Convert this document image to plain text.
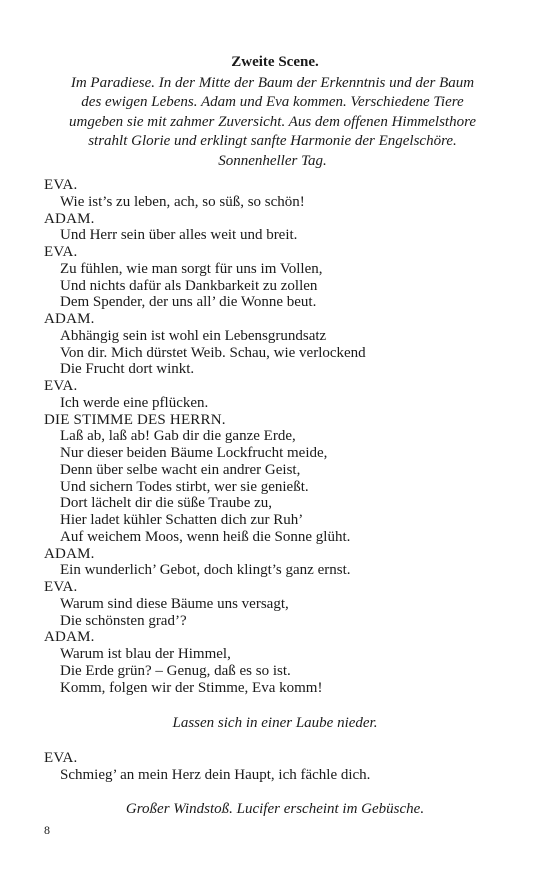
Zweite Scene.
Im Paradiese. In der Mitte der Baum der Erkenntnis und der Baum
des ewigen Lebens. Adam und Eva kommen. Verschiedene Tiere
umgeben sie mit zahmer Zuversicht. Aus dem offenen Himmelsthore
strahlt Glorie und erklingt sanfte Harmonie der Engelschöre.
Sonnenheller Tag.
EVA.
Wie ist’s zu leben, ach, so süß, so schön!
ADAM.
Und Herr sein über alles weit und breit.
EVA.
Zu fühlen, wie man sorgt für uns im Vollen,
Und nichts dafür als Dankbarkeit zu zollen
Dem Spender, der uns all’ die Wonne beut.
ADAM.
Abhängig sein ist wohl ein Lebensgrundsatz
Von dir. Mich dürstet Weib. Schau, wie verlockend
Die Frucht dort winkt.
EVA.
Ich werde eine pflücken.
DIE STIMME DES HERRN.
Laß ab, laß ab! Gab dir die ganze Erde,
Nur dieser beiden Bäume Lockfrucht meide,
Denn über selbe wacht ein andrer Geist,
Und sichern Todes stirbt, wer sie genießt.
Dort lächelt dir die süße Traube zu,
Hier ladet kühler Schatten dich zur Ruh’
Auf weichem Moos, wenn heiß die Sonne glüht.
ADAM.
Ein wunderlich’ Gebot, doch klingt’s ganz ernst.
EVA.
Warum sind diese Bäume uns versagt,
Die schönsten grad’?
ADAM.
Warum ist blau der Himmel,
Die Erde grün? – Genug, daß es so ist.
Komm, folgen wir der Stimme, Eva komm!
Lassen sich in einer Laube nieder.
EVA.
Schmieg’ an mein Herz dein Haupt, ich fächle dich.
Großer Windstoß. Lucifer erscheint im Gebüsche.
8
